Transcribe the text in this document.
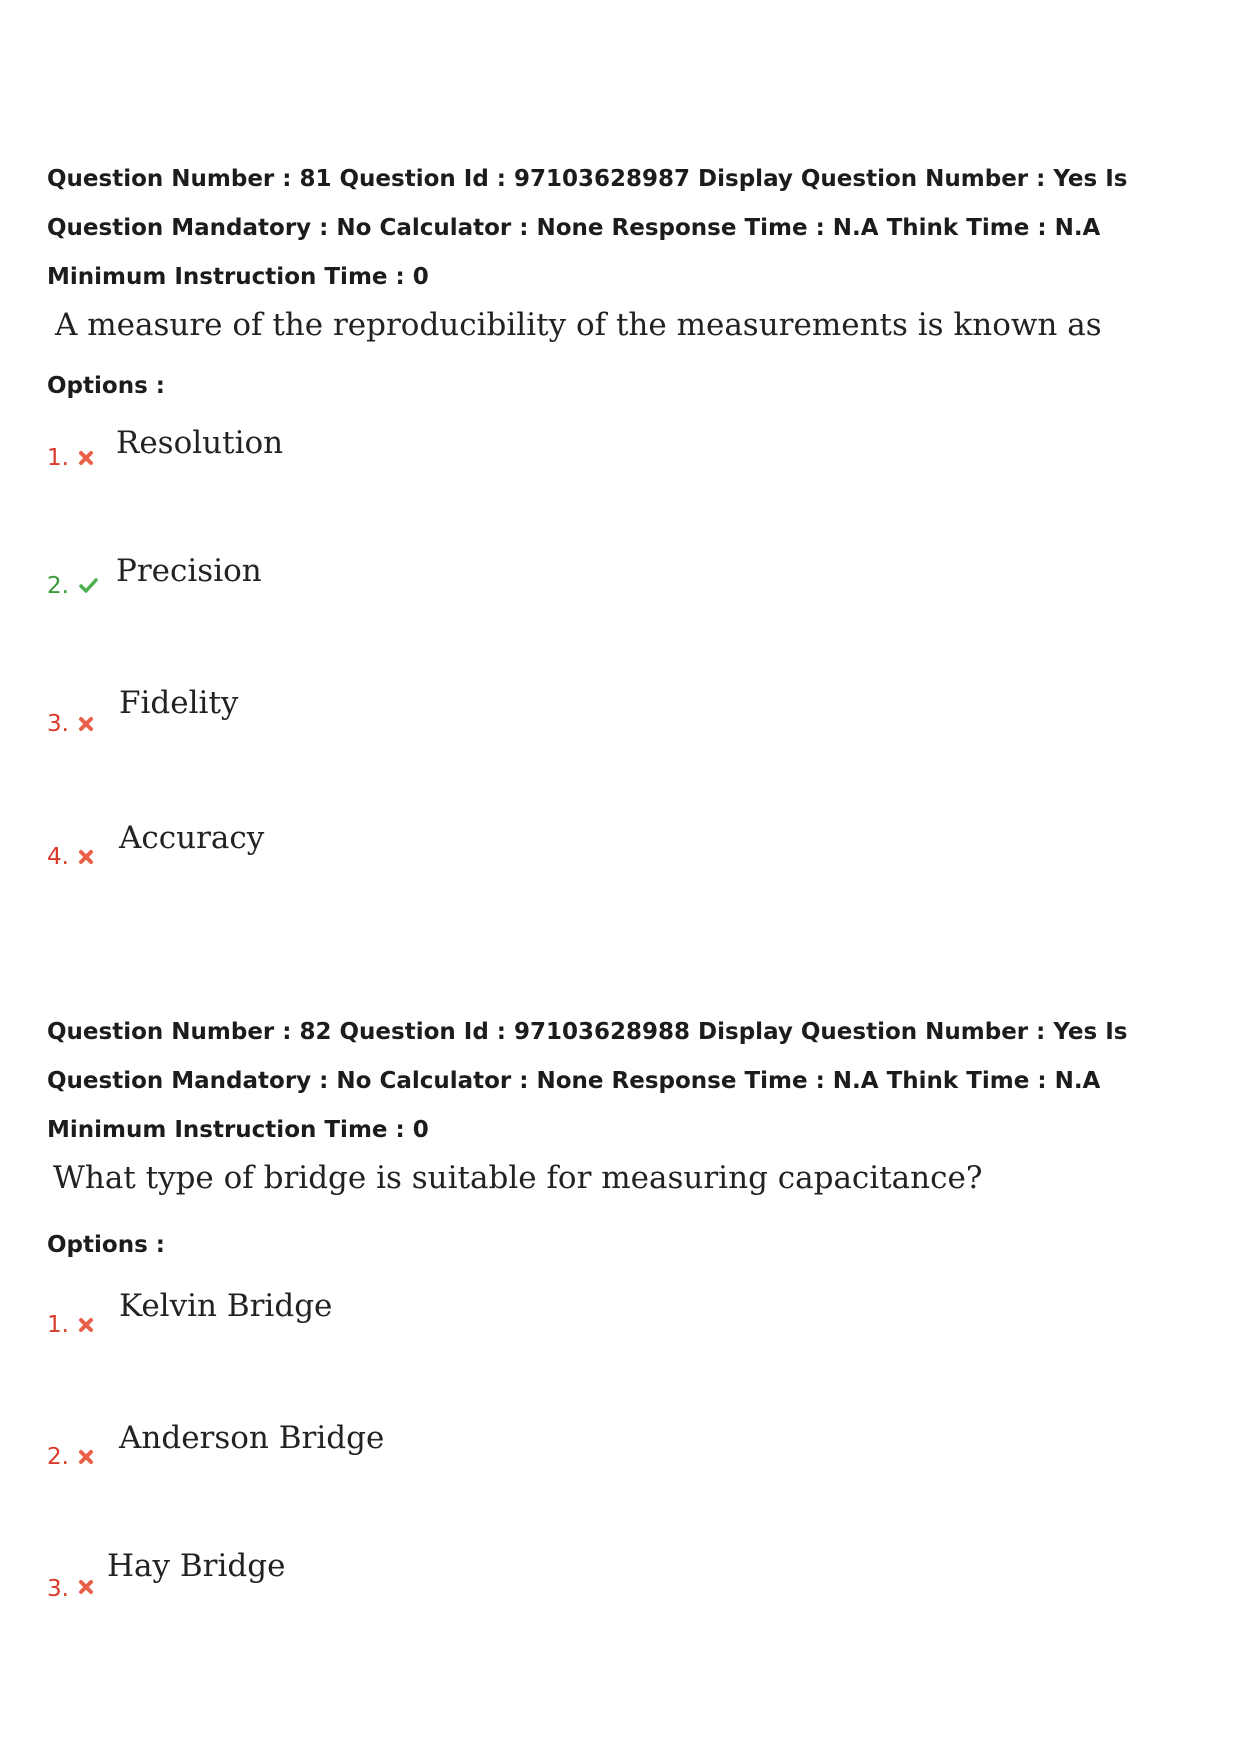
Question Number : 81 Question Id : 97103628987 Display Question Number : Yes Is Question Mandatory : No Calculator : None Response Time : N.A Think Time : N.A Minimum Instruction Time : 0

A measure of the reproducibility of the measurements is known as

Options :
1. Resolution
2. Precision
3.
Fidelity
4.
Accuracy

Question Number : 82 Question Id : 97103628988 Display Question Number : Yes Is Question Mandatory : No Calculator : None Response Time : N.A Think Time : N.A Minimum Instruction Time : 0

What type of bridge is suitable for measuring capacitance?

Options :
1.
Kelvin Bridge
2.
Anderson Bridge
3.
Hay Bridge
